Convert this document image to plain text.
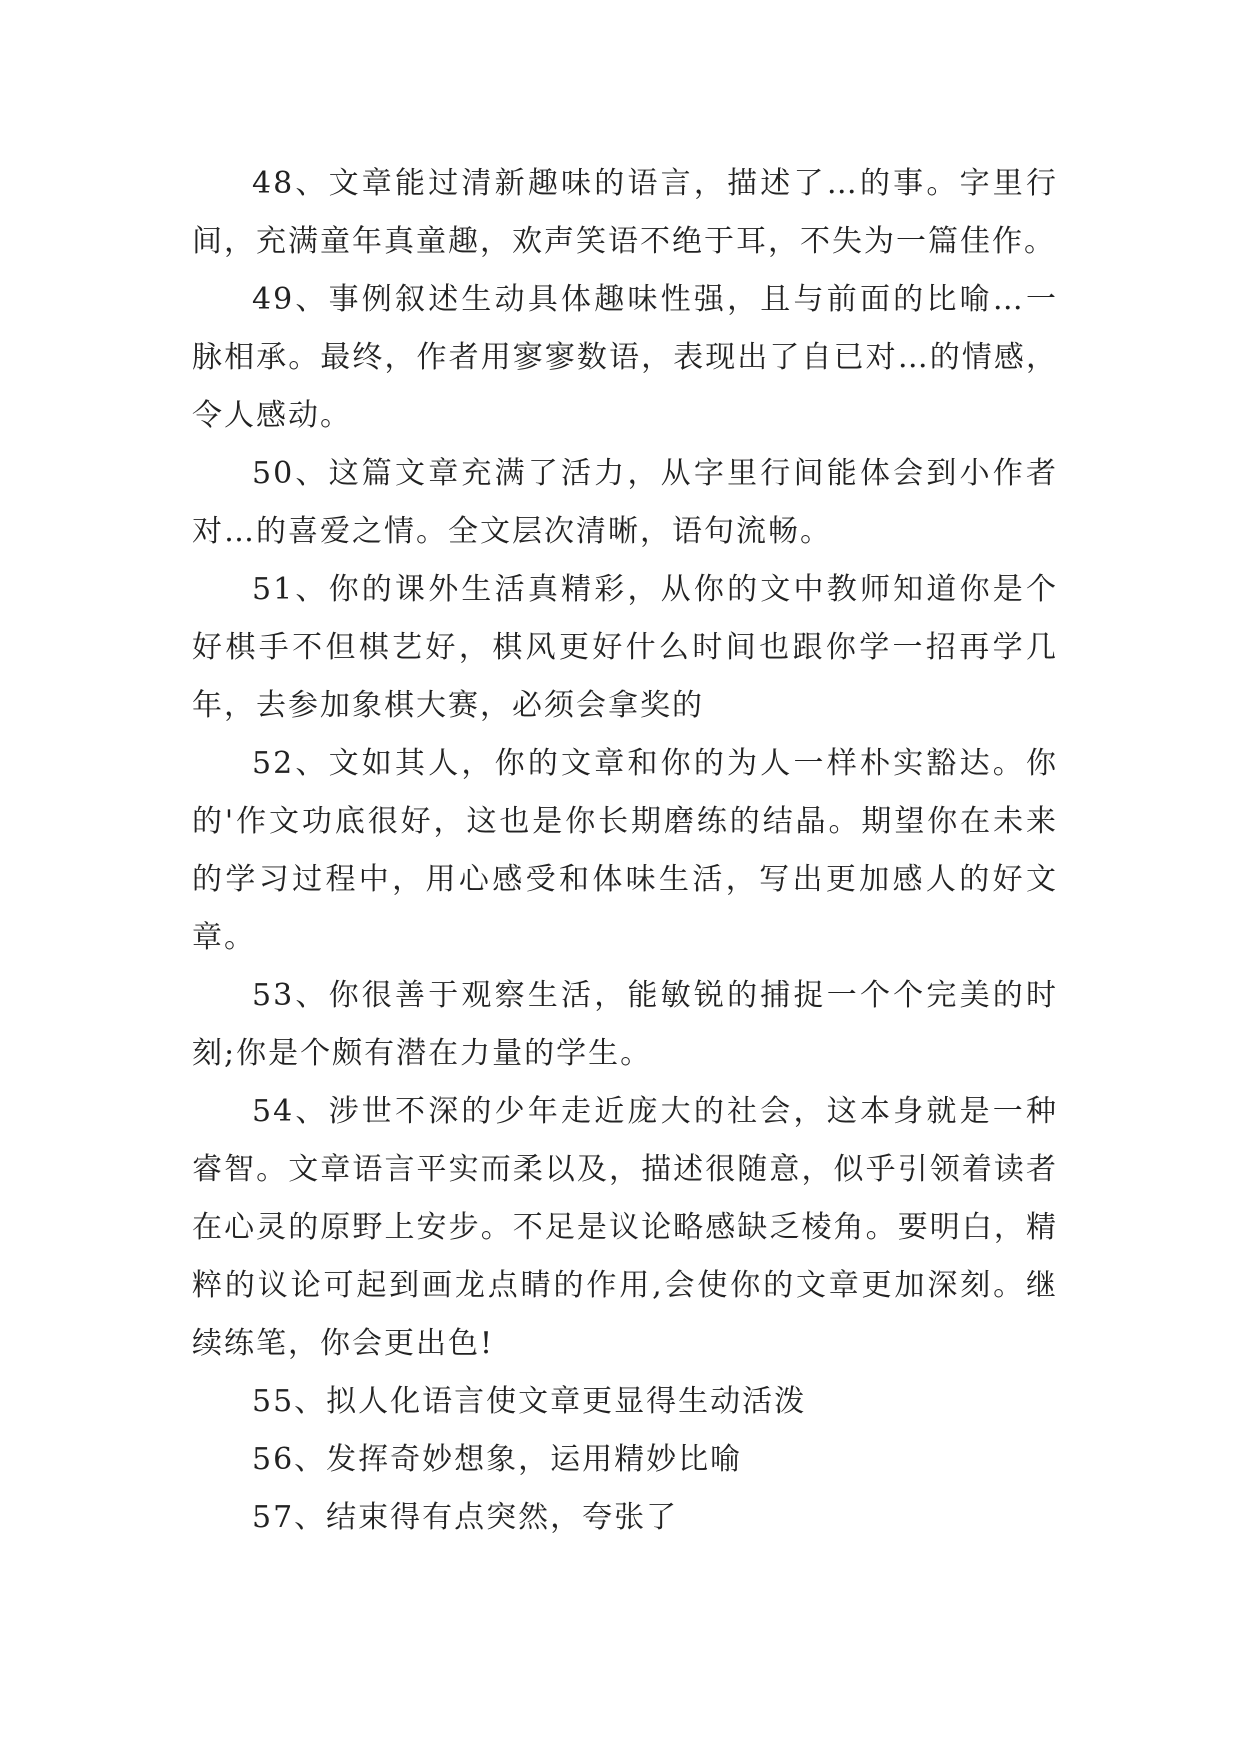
48、文章能过清新趣味的语言，描述了…的事。字里行间，充满童年真童趣，欢声笑语不绝于耳，不失为一篇佳作。

49、事例叙述生动具体趣味性强，且与前面的比喻…一脉相承。最终，作者用寥寥数语，表现出了自已对…的情感，令人感动。

50、这篇文章充满了活力，从字里行间能体会到小作者对…的喜爱之情。全文层次清晰，语句流畅。

51、你的课外生活真精彩，从你的文中教师知道你是个好棋手不但棋艺好，棋风更好什么时间也跟你学一招再学几年，去参加象棋大赛，必须会拿奖的

52、文如其人，你的文章和你的为人一样朴实豁达。你的'作文功底很好，这也是你长期磨练的结晶。期望你在未来的学习过程中，用心感受和体味生活，写出更加感人的好文章。

53、你很善于观察生活，能敏锐的捕捉一个个完美的时刻;你是个颇有潜在力量的学生。

54、涉世不深的少年走近庞大的社会，这本身就是一种睿智。文章语言平实而柔以及，描述很随意，似乎引领着读者在心灵的原野上安步。不足是议论略感缺乏棱角。要明白，精粹的议论可起到画龙点睛的作用,会使你的文章更加深刻。继续练笔，你会更出色!

55、拟人化语言使文章更显得生动活泼

56、发挥奇妙想象，运用精妙比喻

57、结束得有点突然，夸张了
